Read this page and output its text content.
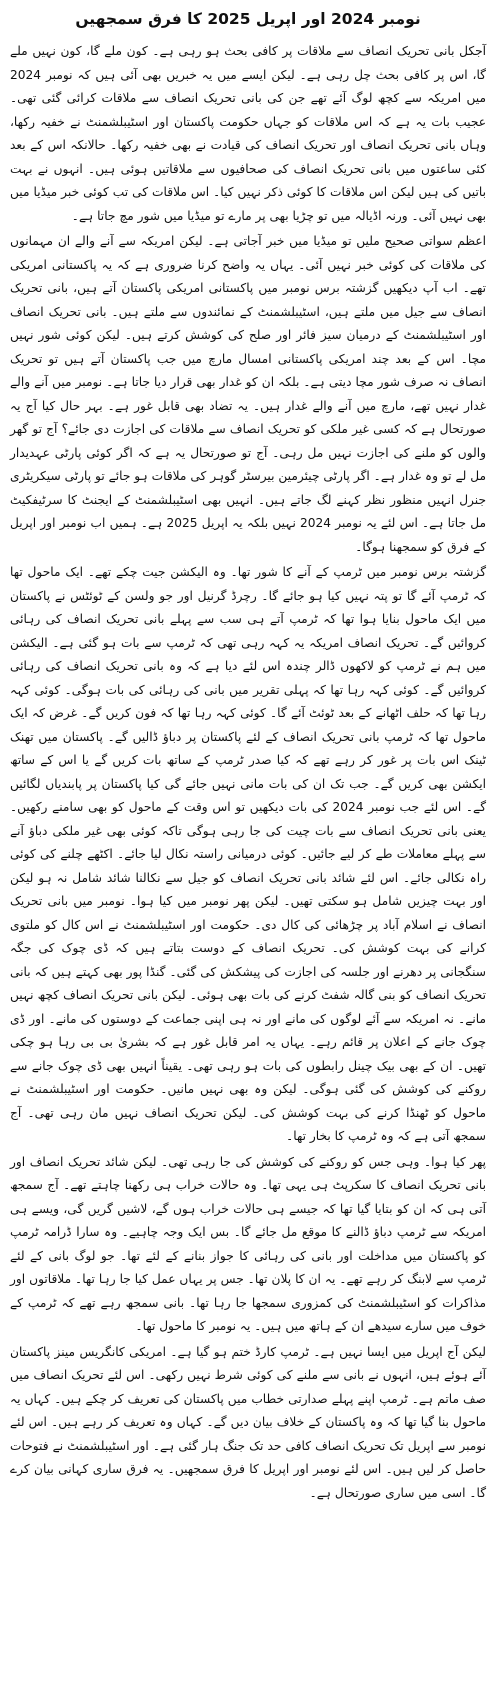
نومبر 2024 اور اپریل 2025 کا فرق سمجھیں

آجکل بانی تحریک انصاف سے ملاقات پر کافی بحث ہو رہی ہے۔ کون ملے گا، کون نہیں ملے گا، اس پر کافی بحث چل رہی ہے۔ لیکن ایسے میں یہ خبریں بھی آئی ہیں کہ نومبر 2024 میں امریکہ سے کچھ لوگ آئے تھے جن کی بانی تحریک انصاف سے ملاقات کرائی گئی تھی۔ عجیب بات یہ ہے کہ اس ملاقات کو جہاں حکومت پاکستان اور اسٹیبلشمنٹ نے خفیہ رکھا، وہاں بانی تحریک انصاف اور تحریک انصاف کی قیادت نے بھی خفیہ رکھا۔ حالانکہ اس کے بعد کئی ساعتوں میں بانی تحریک انصاف کی صحافیوں سے ملاقاتیں ہوئی ہیں۔ انہوں نے بہت باتیں کی ہیں لیکن اس ملاقات کا کوئی ذکر نہیں کیا۔ اس ملاقات کی تب کوئی خبر میڈیا میں بھی نہیں آئی۔ ورنہ اڈیالہ میں تو چڑیا بھی پر مارے تو میڈیا میں شور مچ جاتا ہے۔

اعظم سواتی صحیح ملیں تو میڈیا میں خبر آجاتی ہے۔ لیکن امریکہ سے آنے والے ان مہمانوں کی ملاقات کی کوئی خبر نہیں آئی۔ یہاں یہ واضح کرنا ضروری ہے کہ یہ پاکستانی امریکی تھے۔ اب آپ دیکھیں گزشتہ برس نومبر میں پاکستانی امریکی پاکستان آتے ہیں، بانی تحریک انصاف سے جیل میں ملتے ہیں، اسٹیبلشمنٹ کے نمائندوں سے ملتے ہیں۔ بانی تحریک انصاف اور اسٹیبلشمنٹ کے درمیان سیز فائر اور صلح کی کوشش کرتے ہیں۔ لیکن کوئی شور نہیں مچا۔ اس کے بعد چند امریکی پاکستانی امسال مارچ میں جب پاکستان آتے ہیں تو تحریک انصاف نہ صرف شور مچا دیتی ہے۔ بلکہ ان کو غدار بھی قرار دیا جاتا ہے۔ نومبر میں آنے والے غدار نہیں تھے، مارچ میں آنے والے غدار ہیں۔ یہ تضاد بھی قابل غور ہے۔ بہر حال کیا آج یہ صورتحال ہے کہ کسی غیر ملکی کو تحریک انصاف سے ملاقات کی اجازت دی جائے؟ آج تو گھر والوں کو ملنے کی اجازت نہیں مل رہی۔ آج تو صورتحال یہ ہے کہ اگر کوئی پارٹی عہدیدار مل لے تو وہ غدار ہے۔ اگر پارٹی چیئرمین بیرسٹر گوہر کی ملاقات ہو جائے تو پارٹی سیکریٹری جنرل انہیں منظور نظر کہنے لگ جاتے ہیں۔ انہیں بھی اسٹیبلشمنٹ کے ایجنٹ کا سرٹیفکیٹ مل جاتا ہے۔ اس لئے یہ نومبر 2024 نہیں بلکہ یہ اپریل 2025 ہے۔ ہمیں اب نومبر اور اپریل کے فرق کو سمجھنا ہوگا۔

گزشتہ برس نومبر میں ٹرمپ کے آنے کا شور تھا۔ وہ الیکشن جیت چکے تھے۔ ایک ماحول تھا کہ ٹرمپ آئے گا تو پتہ نہیں کیا ہو جائے گا۔ رچرڈ گرنیل اور جو ولسن کے ٹوئٹس نے پاکستان میں ایک ماحول بنایا ہوا تھا کہ ٹرمپ آتے ہی سب سے پہلے بانی تحریک انصاف کی رہائی کروائیں گے۔ تحریک انصاف امریکہ یہ کہہ رہی تھی کہ ٹرمپ سے بات ہو گئی ہے۔ الیکشن میں ہم نے ٹرمپ کو لاکھوں ڈالر چندہ اس لئے دیا ہے کہ وہ بانی تحریک انصاف کی رہائی کروائیں گے۔ کوئی کہہ رہا تھا کہ پہلی تقریر میں بانی کی رہائی کی بات ہوگی۔ کوئی کہہ رہا تھا کہ حلف اٹھانے کے بعد ٹوئٹ آئے گا۔ کوئی کہہ رہا تھا کہ فون کریں گے۔ غرض کہ ایک ماحول تھا کہ ٹرمپ بانی تحریک انصاف کے لئے پاکستان پر دباؤ ڈالیں گے۔ پاکستان میں تھنک ٹینک اس بات پر غور کر رہے تھے کہ کیا صدر ٹرمپ کے ساتھ بات کریں گے یا اس کے ساتھ ایکشن بھی کریں گے۔ جب تک ان کی بات مانی نہیں جائے گی کیا پاکستان پر پابندیاں لگائیں گے۔ اس لئے جب نومبر 2024 کی بات دیکھیں تو اس وقت کے ماحول کو بھی سامنے رکھیں۔ یعنی بانی تحریک انصاف سے بات چیت کی جا رہی ہوگی تاکہ کوئی بھی غیر ملکی دباؤ آنے سے پہلے معاملات طے کر لیے جائیں۔ کوئی درمیانی راستہ نکال لیا جائے۔ اکٹھے چلنے کی کوئی راہ نکالی جائے۔ اس لئے شائد بانی تحریک انصاف کو جیل سے نکالنا شائد شامل نہ ہو لیکن اور بہت چیزیں شامل ہو سکتی تھیں۔ لیکن پھر نومبر میں کیا ہوا۔ نومبر میں بانی تحریک انصاف نے اسلام آباد پر چڑھائی کی کال دی۔ حکومت اور اسٹیبلشمنٹ نے اس کال کو ملتوی کرانے کی بہت کوشش کی۔ تحریک انصاف کے دوست بتاتے ہیں کہ ڈی چوک کی جگہ سنگجانی پر دھرنے اور جلسہ کی اجازت کی پیشکش کی گئی۔ گنڈا پور بھی کہتے ہیں کہ بانی تحریک انصاف کو بنی گالہ شفٹ کرنے کی بات بھی ہوئی۔ لیکن بانی تحریک انصاف کچھ نہیں مانے۔ نہ امریکہ سے آئے لوگوں کی مانے اور نہ ہی اپنی جماعت کے دوستوں کی مانے۔ اور ڈی چوک جانے کے اعلان پر قائم رہے۔ یہاں یہ امر قابل غور ہے کہ بشریٰ بی بی رہا ہو چکی تھیں۔ ان کے بھی بیک چینل رابطوں کی بات ہو رہی تھی۔ یقیناً انہیں بھی ڈی چوک جانے سے روکنے کی کوشش کی گئی ہوگی۔ لیکن وہ بھی نہیں مانیں۔ حکومت اور اسٹیبلشمنٹ نے ماحول کو ٹھنڈا کرنے کی بہت کوشش کی۔ لیکن تحریک انصاف نہیں مان رہی تھی۔ آج سمجھ آتی ہے کہ وہ ٹرمپ کا بخار تھا۔

پھر کیا ہوا۔ وہی جس کو روکنے کی کوشش کی جا رہی تھی۔ لیکن شائد تحریک انصاف اور بانی تحریک انصاف کا سکرپٹ ہی یہی تھا۔ وہ حالات خراب ہی رکھنا چاہتے تھے۔ آج سمجھ آتی ہی کہ ان کو بتایا گیا تھا کہ جیسے ہی حالات خراب ہوں گے، لاشیں گریں گی، ویسے ہی امریکہ سے ٹرمپ دباؤ ڈالنے کا موقع مل جائے گا۔ بس ایک وجہ چاہیے۔ وہ سارا ڈرامہ ٹرمپ کو پاکستان میں مداخلت اور بانی کی رہائی کا جواز بنانے کے لئے تھا۔ جو لوگ بانی کے لئے ٹرمپ سے لابنگ کر رہے تھے۔ یہ ان کا پلان تھا۔ جس پر یہاں عمل کیا جا رہا تھا۔ ملاقاتوں اور مذاکرات کو اسٹیبلشمنٹ کی کمزوری سمجھا جا رہا تھا۔ بانی سمجھ رہے تھے کہ ٹرمپ کے خوف میں سارے سیدھے ان کے ہاتھ میں ہیں۔ یہ نومبر کا ماحول تھا۔

لیکن آج اپریل میں ایسا نہیں ہے۔ ٹرمپ کارڈ ختم ہو گیا ہے۔ امریکی کانگریس مینز پاکستان آئے ہوئے ہیں، انہوں نے بانی سے ملنے کی کوئی شرط نہیں رکھی۔ اس لئے تحریک انصاف میں صف ماتم ہے۔ ٹرمپ اپنے پہلے صدارتی خطاب میں پاکستان کی تعریف کر چکے ہیں۔ کہاں یہ ماحول بنا گیا تھا کہ وہ پاکستان کے خلاف بیان دیں گے۔ کہاں وہ تعریف کر رہے ہیں۔ اس لئے نومبر سے اپریل تک تحریک انصاف کافی حد تک جنگ ہار گئی ہے۔ اور اسٹیبلشمنٹ نے فتوحات حاصل کر لیں ہیں۔ اس لئے نومبر اور اپریل کا فرق سمجھیں۔ یہ فرق ساری کہانی بیان کرے گا۔ اسی میں ساری صورتحال ہے۔
